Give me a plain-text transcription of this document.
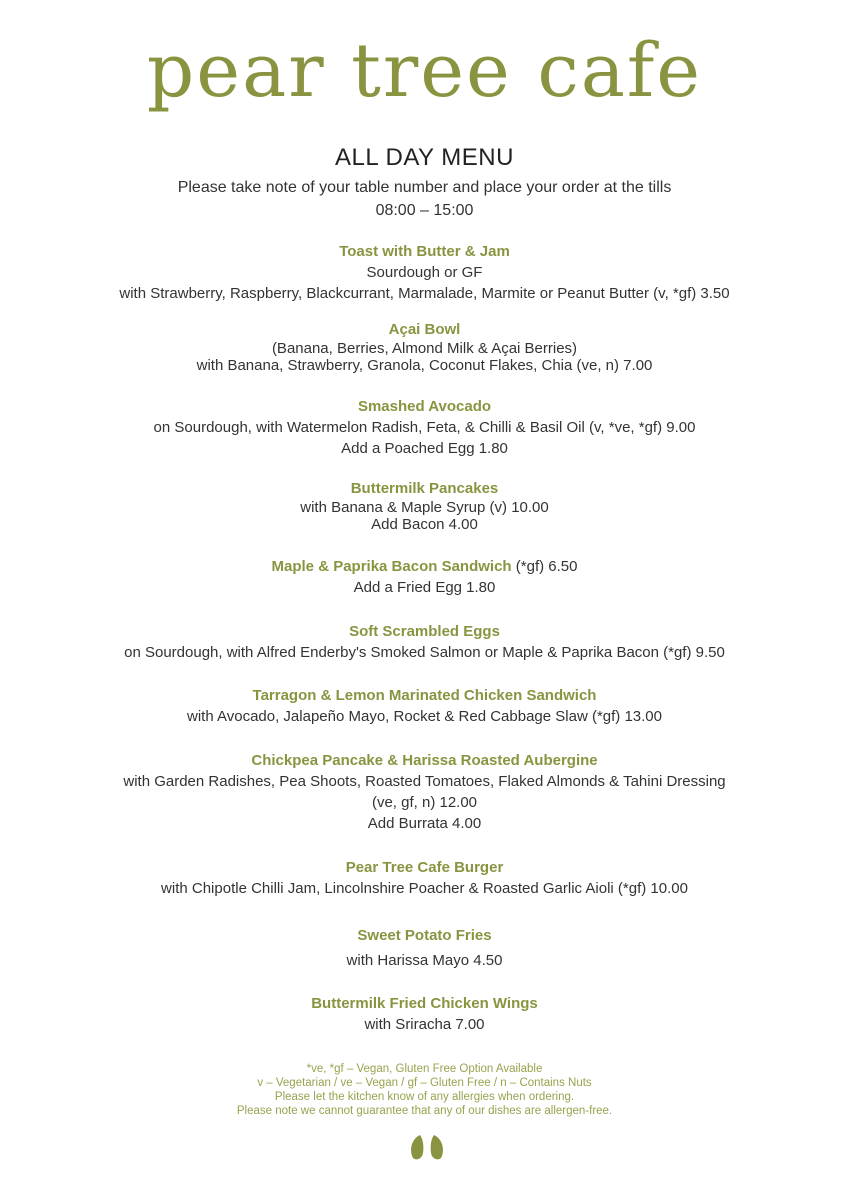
pear tree cafe
ALL DAY MENU
Please take note of your table number and place your order at the tills
08:00 – 15:00
Toast with Butter & Jam
Sourdough or GF
with Strawberry, Raspberry, Blackcurrant, Marmalade, Marmite or Peanut Butter (v, *gf) 3.50
Açai Bowl
(Banana, Berries, Almond Milk & Açai Berries)
with Banana, Strawberry, Granola, Coconut Flakes, Chia (ve, n) 7.00
Smashed Avocado
on Sourdough, with Watermelon Radish, Feta, & Chilli & Basil Oil (v, *ve, *gf) 9.00
Add a Poached Egg 1.80
Buttermilk Pancakes
with Banana & Maple Syrup (v) 10.00
Add Bacon 4.00
Maple & Paprika Bacon Sandwich (*gf) 6.50
Add a Fried Egg 1.80
Soft Scrambled Eggs
on Sourdough, with Alfred Enderby's Smoked Salmon or Maple & Paprika Bacon (*gf) 9.50
Tarragon & Lemon Marinated Chicken Sandwich
with Avocado, Jalapeño Mayo, Rocket & Red Cabbage Slaw (*gf) 13.00
Chickpea Pancake & Harissa Roasted Aubergine
with Garden Radishes, Pea Shoots, Roasted Tomatoes, Flaked Almonds & Tahini Dressing
(ve, gf, n) 12.00
Add Burrata 4.00
Pear Tree Cafe Burger
with Chipotle Chilli Jam, Lincolnshire Poacher & Roasted Garlic Aioli (*gf) 10.00
Sweet Potato Fries
with Harissa Mayo 4.50
Buttermilk Fried Chicken Wings
with Sriracha 7.00
*ve, *gf – Vegan, Gluten Free Option Available
v – Vegetarian / ve – Vegan / gf – Gluten Free / n – Contains Nuts
Please let the kitchen know of any allergies when ordering.
Please note we cannot guarantee that any of our dishes are allergen-free.
